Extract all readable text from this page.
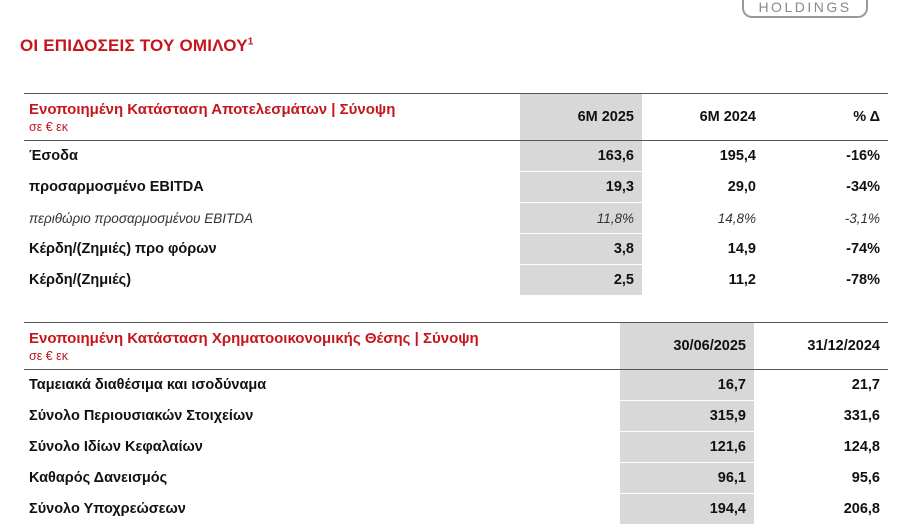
HOLDINGS
ΟΙ ΕΠΙΔΟΣΕΙΣ ΤΟΥ ΟΜΙΛΟΥ$^1$
Ενοποιημένη Κατάσταση Αποτελεσμάτων | Σύνοψη
σε € εκ	6Μ 2025	6Μ 2024	% Δ
Έσοδα	163,6	195,4	-16%
προσαρμοσμένο EBITDA	19,3	29,0	-34%
περιθώριο προσαρμοσμένου EBITDA	11,8%	14,8%	-3,1%
Κέρδη/(Ζημιές) προ φόρων	3,8	14,9	-74%
Κέρδη/(Ζημιές)	2,5	11,2	-78%
Ενοποιημένη Κατάσταση Χρηματοοικονομικής Θέσης | Σύνοψη
σε € εκ	30/06/2025	31/12/2024
Ταμειακά διαθέσιμα και ισοδύναμα	16,7	21,7
Σύνολο Περιουσιακών Στοιχείων	315,9	331,6
Σύνολο Ιδίων Κεφαλαίων	121,6	124,8
Καθαρός Δανεισμός	96,1	95,6
Σύνολο Υποχρεώσεων	194,4	206,8
